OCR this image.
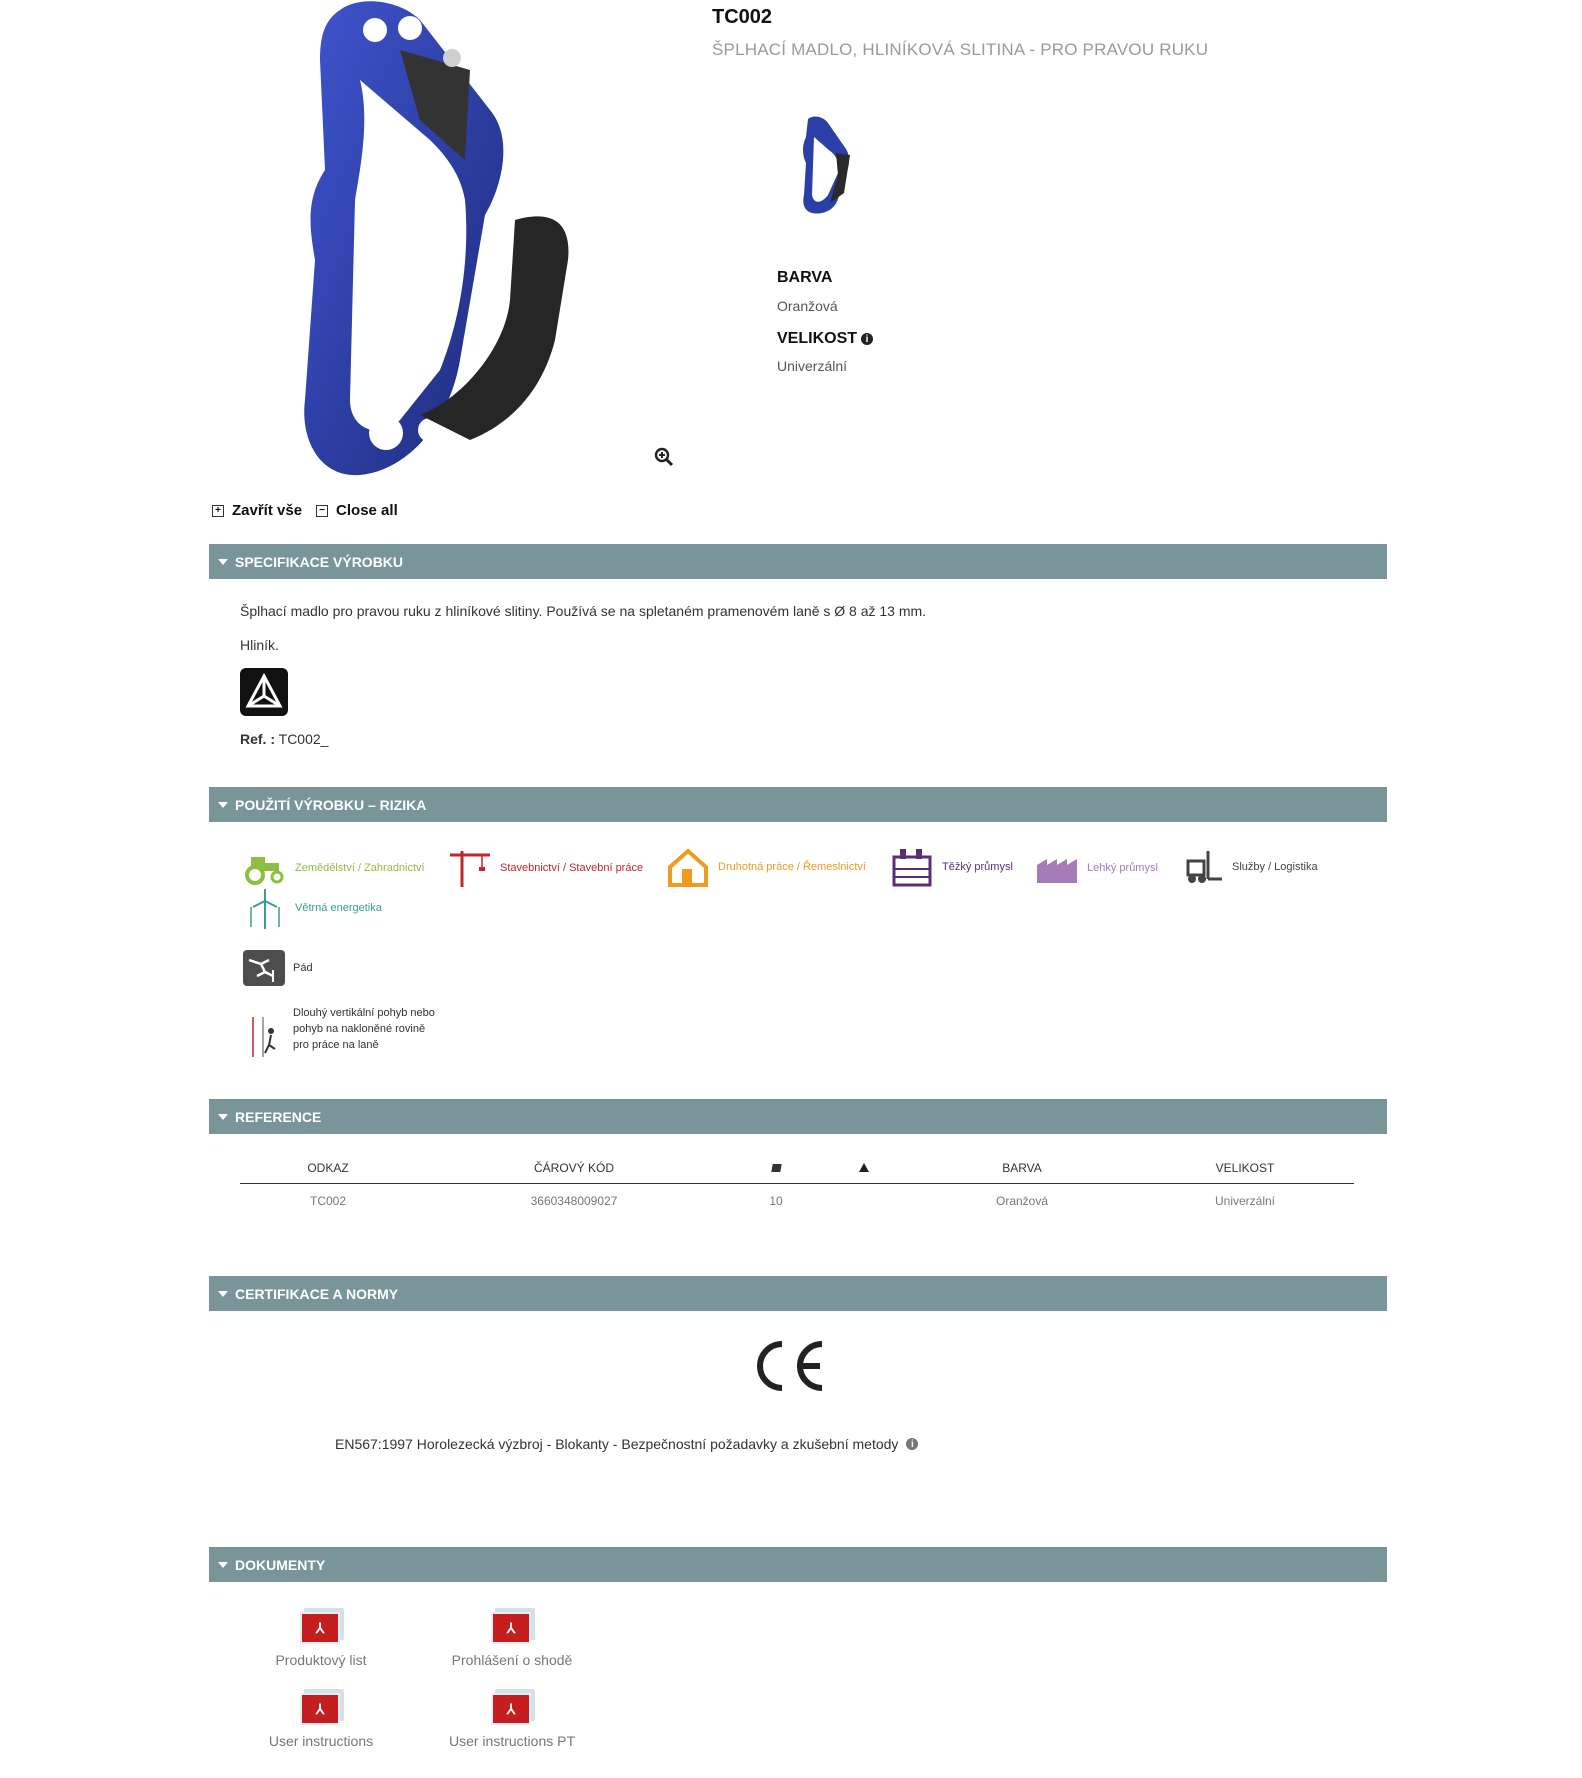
TC002
ŠPLHACÍ MADLO, HLINÍKOVÁ SLITINA - PRO PRAVOU RUKU
BARVA
Oranžová
VELIKOST i
Univerzální
+ Zavřít vše	− Close all
SPECIFIKACE VÝROBKU
Šplhací madlo pro pravou ruku z hliníkové slitiny. Používá se na spletaném pramenovém laně s Ø 8 až 13 mm.
Hliník.
Ref. : TC002_
POUŽITÍ VÝROBKU – RIZIKA
Zemědělství / Zahradnictví	Stavebnictví / Stavební práce	Druhotná práce / Řemeslnictví	Těžký průmysl	Lehký průmysl	Služby / Logistika
Větrná energetika
Pád
Dlouhý vertikální pohyb nebo
pohyb na nakloněné rovině
pro práce na laně
REFERENCE
ODKAZ	ČÁROVÝ KÓD			BARVA	VELIKOST
TC002	3660348009027	10		Oranžová	Univerzální
CERTIFIKACE A NORMY
EN567:1997 Horolezecká výzbroj - Blokanty - Bezpečnostní požadavky a zkušební metody	i
DOKUMENTY
⅄
Produktový list
⅄
Prohlášení o shodě
⅄
User instructions
⅄
User instructions PT
